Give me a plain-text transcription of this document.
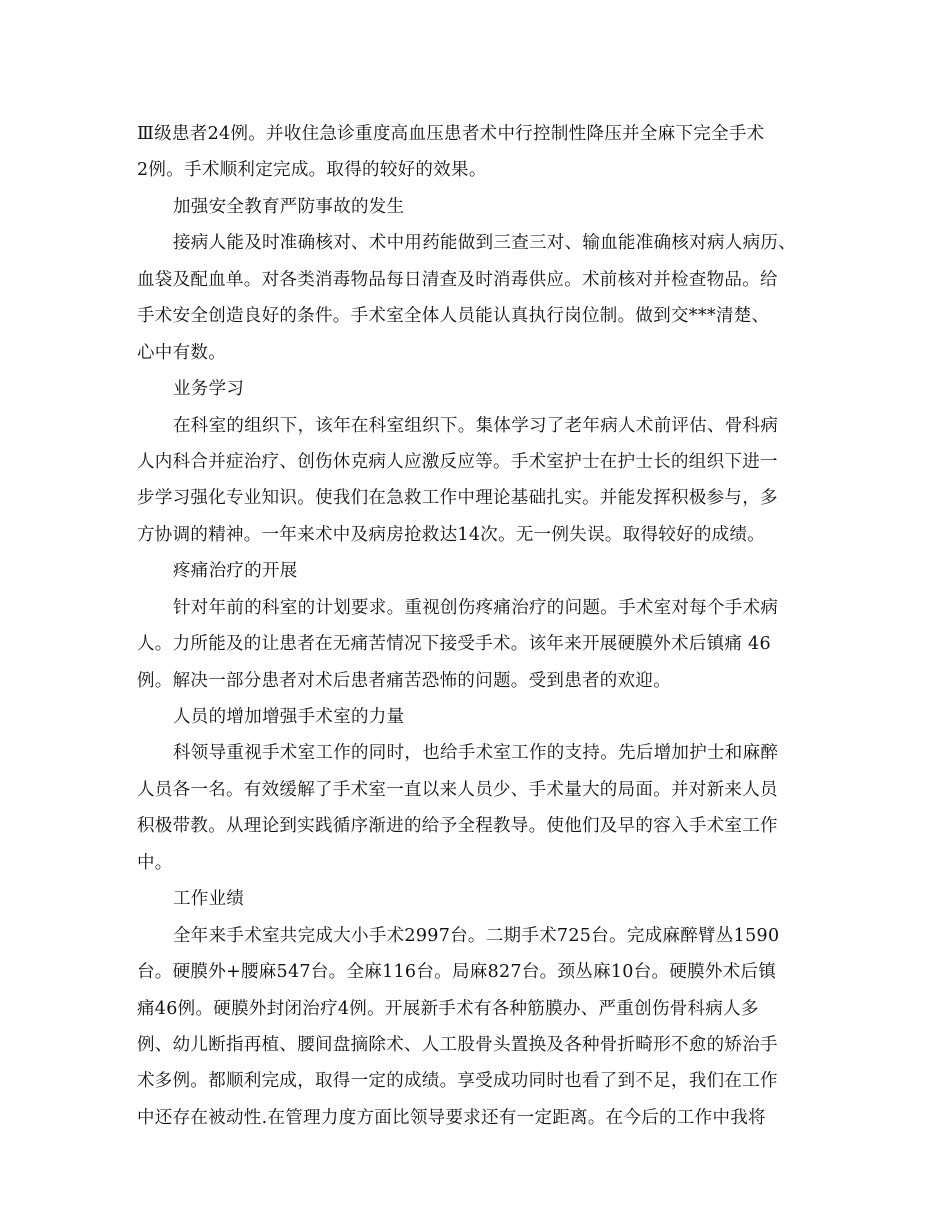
Ⅲ级患者24例。并收住急诊重度高血压患者术中行控制性降压并全麻下完全手术
2例。手术顺利定完成。取得的较好的效果。
加强安全教育严防事故的发生
接病人能及时准确核对、术中用药能做到三查三对、输血能准确核对病人病历、
血袋及配血单。对各类消毒物品每日清查及时消毒供应。术前核对并检查物品。给
手术安全创造良好的条件。手术室全体人员能认真执行岗位制。做到交***清楚、
心中有数。
业务学习
在科室的组织下，该年在科室组织下。集体学习了老年病人术前评估、骨科病
人内科合并症治疗、创伤休克病人应激反应等。手术室护士在护士长的组织下进一
步学习强化专业知识。使我们在急救工作中理论基础扎实。并能发挥积极参与，多
方协调的精神。一年来术中及病房抢救达14次。无一例失误。取得较好的成绩。
疼痛治疗的开展
针对年前的科室的计划要求。重视创伤疼痛治疗的问题。手术室对每个手术病
人。力所能及的让患者在无痛苦情况下接受手术。该年来开展硬膜外术后镇痛 46
例。解决一部分患者对术后患者痛苦恐怖的问题。受到患者的欢迎。
人员的增加增强手术室的力量
科领导重视手术室工作的同时，也给手术室工作的支持。先后增加护士和麻醉
人员各一名。有效缓解了手术室一直以来人员少、手术量大的局面。并对新来人员
积极带教。从理论到实践循序渐进的给予全程教导。使他们及早的容入手术室工作
中。
工作业绩
全年来手术室共完成大小手术2997台。二期手术725台。完成麻醉臂丛1590
台。硬膜外+腰麻547台。全麻116台。局麻827台。颈丛麻10台。硬膜外术后镇
痛46例。硬膜外封闭治疗4例。开展新手术有各种筋膜办、严重创伤骨科病人多
例、幼儿断指再植、腰间盘摘除术、人工股骨头置换及各种骨折畸形不愈的矫治手
术多例。都顺利完成，取得一定的成绩。享受成功同时也看了到不足，我们在工作
中还存在被动性.在管理力度方面比领导要求还有一定距离。在今后的工作中我将
